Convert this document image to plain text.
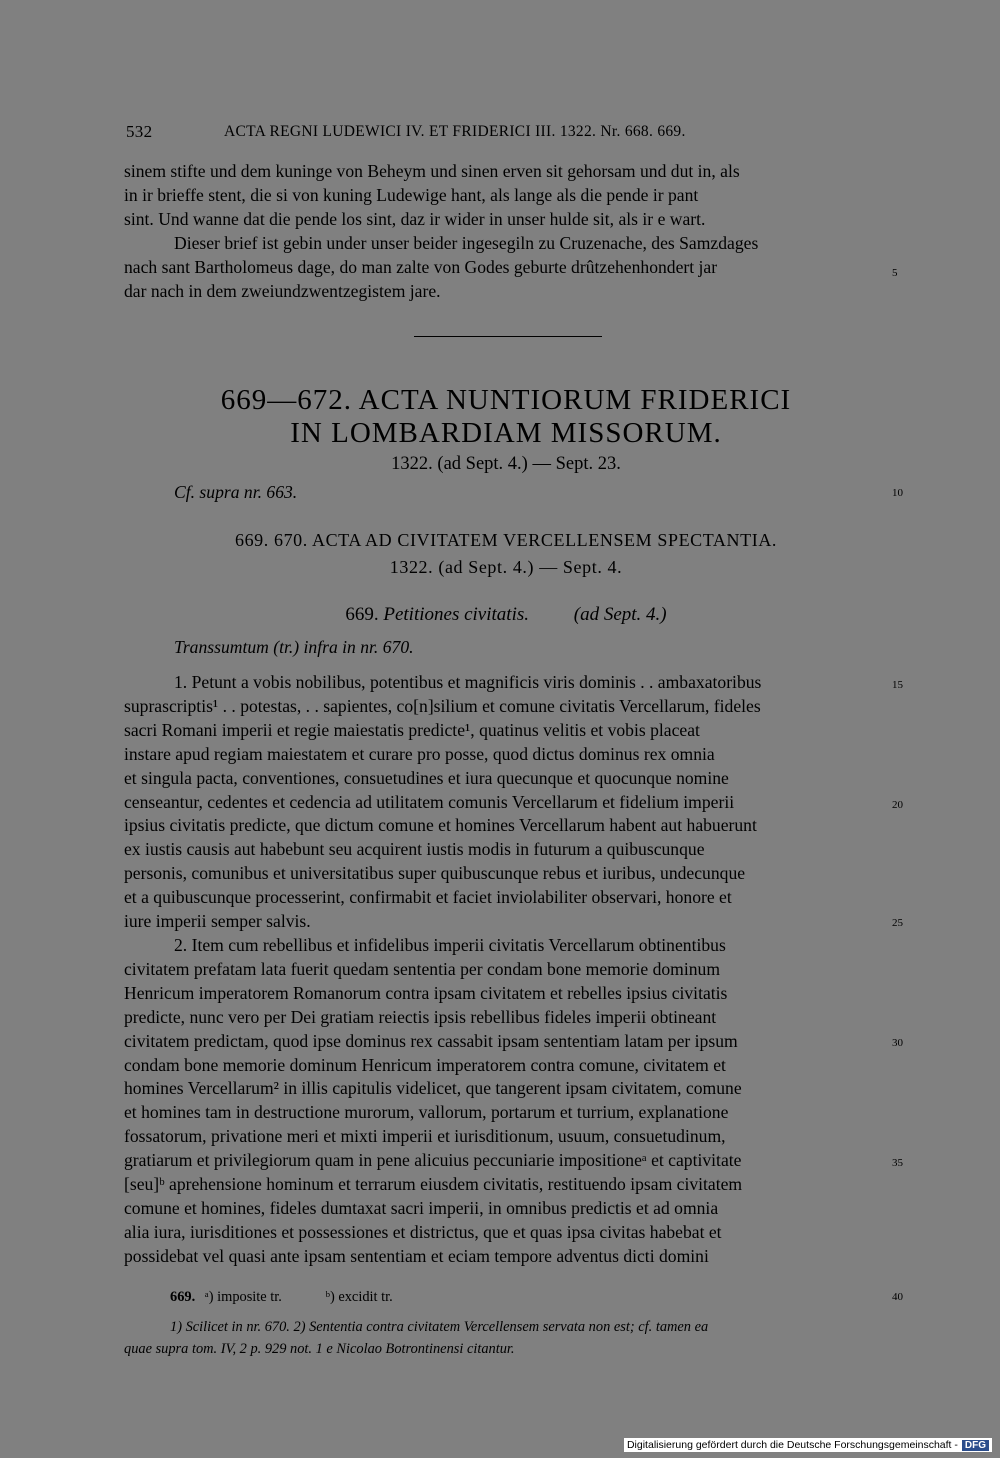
532	ACTA REGNI LUDEWICI IV. ET FRIDERICI III. 1322. Nr. 668. 669.
sinem stifte und dem kuninge von Beheym und sinen erven sit gehorsam und dut in, als
in ir brieffe stent, die si von kuning Ludewige hant, als lange als die pende ir pant
sint. Und wanne dat die pende los sint, daz ir wider in unser hulde sit, als ir e wart.
Dieser brief ist gebin under unser beider ingesegiln zu Cruzenache, des Samzdages
nach sant Bartholomeus dage, do man zalte von Godes geburte drûtzehenhondert jar
dar nach in dem zweiundzwentzegistem jare.
5
669—672. ACTA NUNTIORUM FRIDERICI
IN LOMBARDIAM MISSORUM.
1322. (ad Sept. 4.) — Sept. 23.
Cf. supra nr. 663.	10
669. 670. ACTA AD CIVITATEM VERCELLENSEM SPECTANTIA.
1322. (ad Sept. 4.) — Sept. 4.
669. Petitiones civitatis. (ad Sept. 4.)
Transsumtum (tr.) infra in nr. 670.
1. Petunt a vobis nobilibus, potentibus et magnificis viris dominis . . ambaxatoribus
suprascriptis¹ . . potestas, . . sapientes, co[n]silium et comune civitatis Vercellarum, fideles
sacri Romani imperii et regie maiestatis predicte¹, quatinus velitis et vobis placeat
instare apud regiam maiestatem et curare pro posse, quod dictus dominus rex omnia
et singula pacta, conventiones, consuetudines et iura quecunque et quocunque nomine
censeantur, cedentes et cedencia ad utilitatem comunis Vercellarum et fidelium imperii
ipsius civitatis predicte, que dictum comune et homines Vercellarum habent aut habuerunt
ex iustis causis aut habebunt seu acquirent iustis modis in futurum a quibuscunque
personis, comunibus et universitatibus super quibuscunque rebus et iuribus, undecunque
et a quibuscunque processerint, confirmabit et faciet inviolabiliter observari, honore et
iure imperii semper salvis.
2. Item cum rebellibus et infidelibus imperii civitatis Vercellarum obtinentibus
civitatem prefatam lata fuerit quedam sententia per condam bone memorie dominum
Henricum imperatorem Romanorum contra ipsam civitatem et rebelles ipsius civitatis
predicte, nunc vero per Dei gratiam reiectis ipsis rebellibus fideles imperii obtineant
civitatem predictam, quod ipse dominus rex cassabit ipsam sententiam latam per ipsum
condam bone memorie dominum Henricum imperatorem contra comune, civitatem et
homines Vercellarum² in illis capitulis videlicet, que tangerent ipsam civitatem, comune
et homines tam in destructione murorum, vallorum, portarum et turrium, explanatione
fossatorum, privatione meri et mixti imperii et iurisditionum, usuum, consuetudinum,
gratiarum et privilegiorum quam in pene alicuius peccuniarie impositioneᵃ et captivitate
[seu]ᵇ aprehensione hominum et terrarum eiusdem civitatis, restituendo ipsam civitatem
comune et homines, fideles dumtaxat sacri imperii, in omnibus predictis et ad omnia
alia iura, iurisditiones et possessiones et districtus, que et quas ipsa civitas habebat et
possidebat vel quasi ante ipsam sententiam et eciam tempore adventus dicti domini
15
20
25
30
35
669. ᵃ) imposite tr.	ᵇ) excidit tr.	40
1) Scilicet in nr. 670. 2) Sententia contra civitatem Vercellensem servata non est; cf. tamen ea
quae supra tom. IV, 2 p. 929 not. 1 e Nicolao Botrontinensi citantur.
Digitalisierung gefördert durch die Deutsche Forschungsgemeinschaft - DFG
